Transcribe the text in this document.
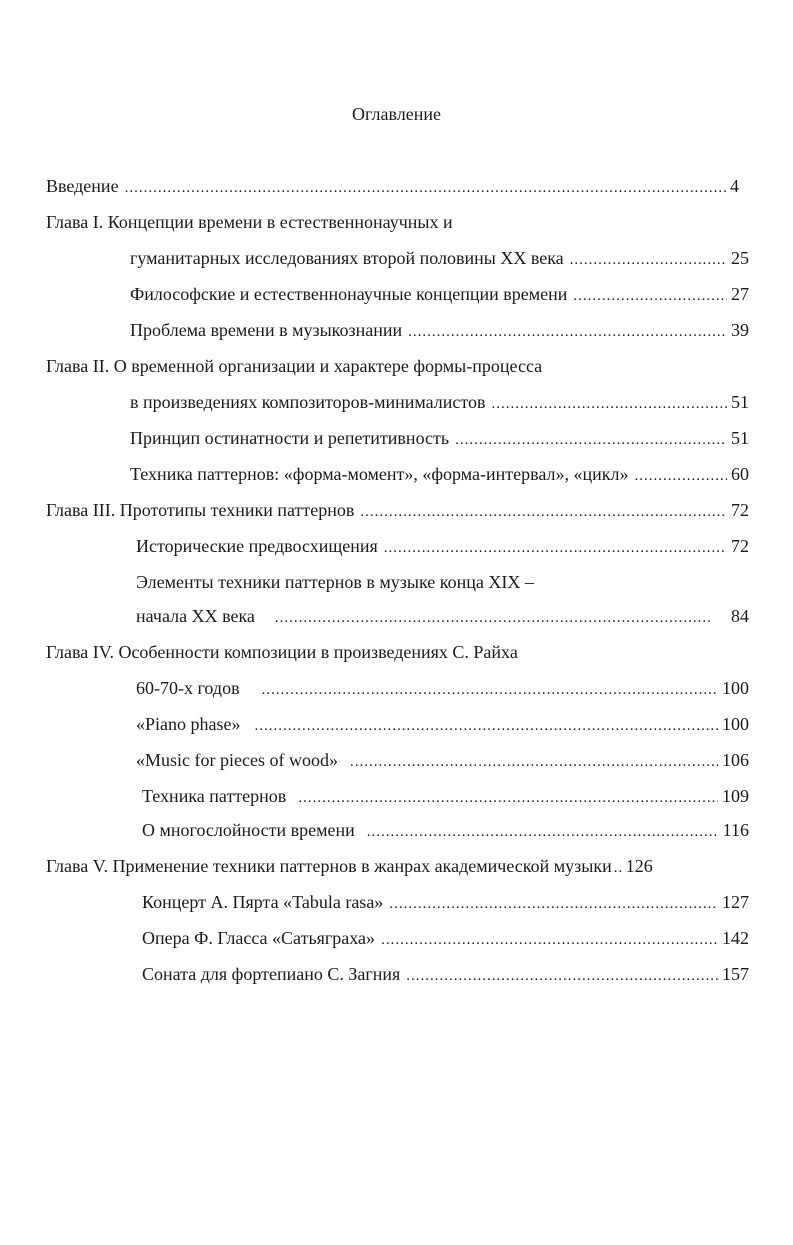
Оглавление
Введение .....	4
Глава I. Концепции времени в естественнонаучных и
гуманитарных исследованиях второй половины XX века .....	25
Философские и естественнонаучные концепции времени .....	27
Проблема времени в музыкознании .....	39
Глава II. О временной организации и характере формы-процесса
в произведениях композиторов-минималистов .....	51
Принцип остинатности и репетитивность .....	51
Техника паттернов: «форма-момент», «форма-интервал», «цикл» .....	60
Глава III. Прототипы техники паттернов .....	72
Исторические предвосхищения .....	72
Элементы техники паттернов в музыке конца XIX –
начала XX века .....	84
Глава IV. Особенности композиции в произведениях С. Райха
60-70-х годов .....	100
«Piano phase» .....	100
«Music for pieces of wood» .....	106
Техника паттернов .....	109
О многослойности времени .....	116
Глава V. Применение техники паттернов в жанрах академической музыки ..... 126
Концерт А. Пярта «Tabula rasa» .....	127
Опера Ф. Гласса «Сатьяграха» .....	142
Соната для фортепиано С. Загния .....	157
